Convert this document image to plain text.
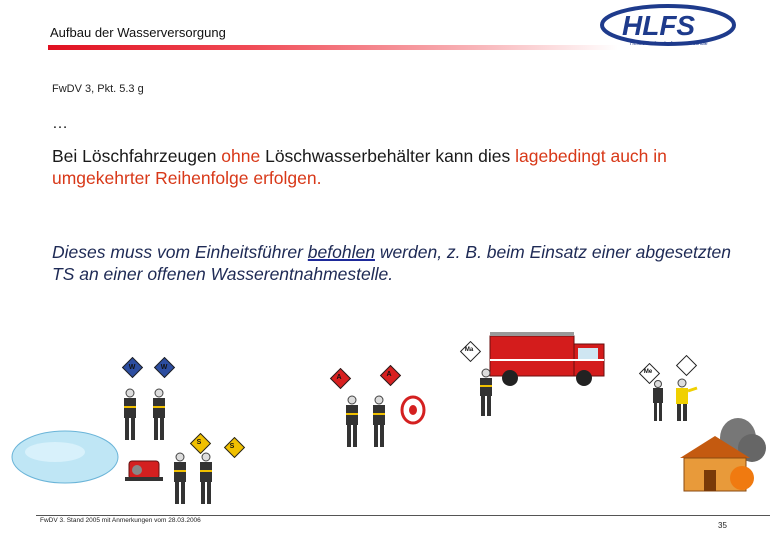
Aufbau der Wasserversorgung	HLFS
Hessische Landesfeuerwehrschule
FwDV 3, Pkt. 5.3 g
…
Bei Löschfahrzeugen ohne Löschwasserbehälter kann dies lagebedingt auch in umgekehrter Reihenfolge erfolgen.
Dieses muss vom Einheitsführer befohlen werden, z. B. beim Einsatz einer abgesetzten TS an einer offenen Wasserentnahmestelle.
W	W
A	A
S
S
Ma
Me
FwDV 3. Stand 2005 mit Anmerkungen vom 28.03.2006
35
